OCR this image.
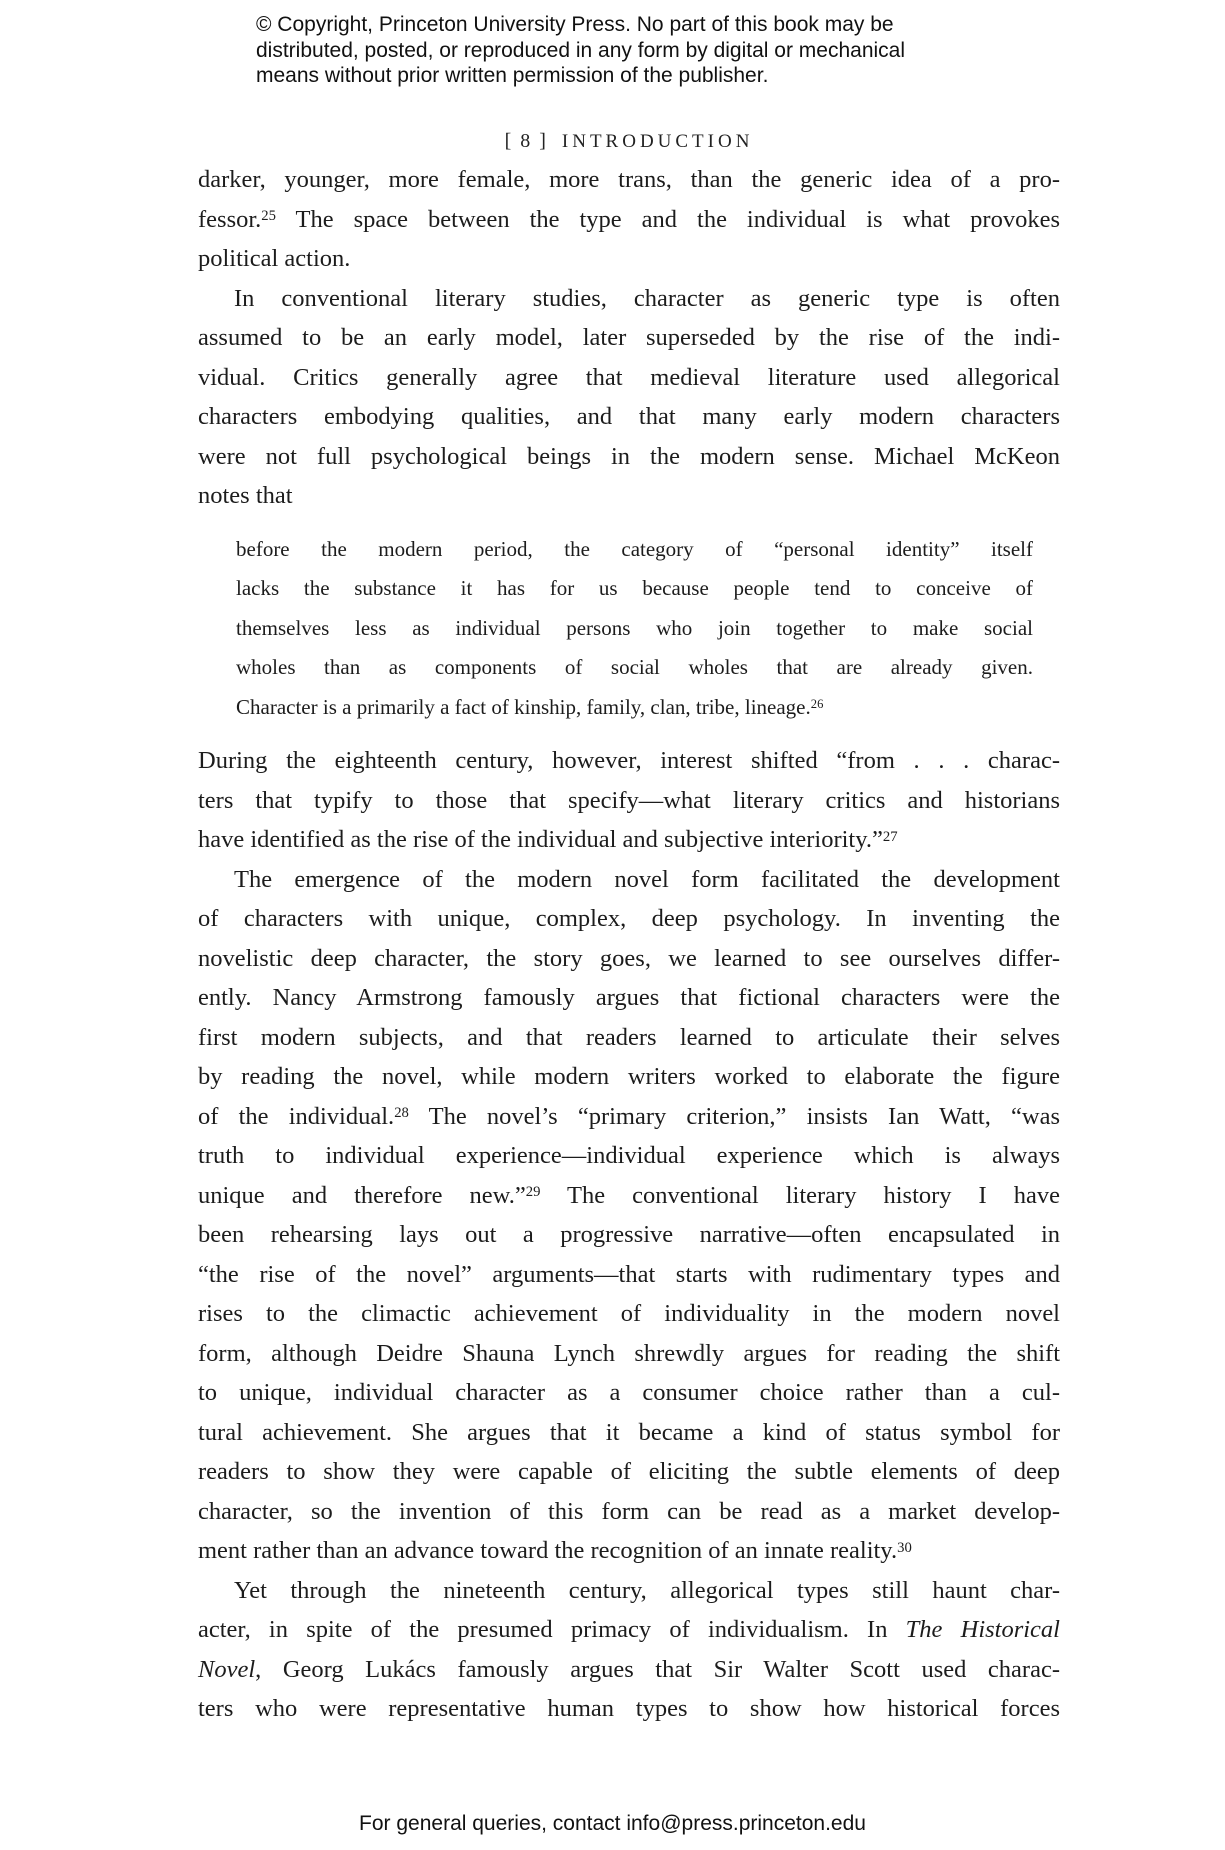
© Copyright, Princeton University Press. No part of this book may be
distributed, posted, or reproduced in any form by digital or mechanical
means without prior written permission of the publisher.
[ 8 ] INTRODUCTION
darker, younger, more female, more trans, than the generic idea of a pro-
fessor.$^{25}$ The space between the type and the individual is what provokes
political action.
In conventional literary studies, character as generic type is often
assumed to be an early model, later superseded by the rise of the indi-
vidual. Critics generally agree that medieval literature used allegorical
characters embodying qualities, and that many early modern characters
were not full psychological beings in the modern sense. Michael McKeon
notes that
before the modern period, the category of “personal identity” itself
lacks the substance it has for us because people tend to conceive of
themselves less as individual persons who join together to make social
wholes than as components of social wholes that are already given.
Character is a primarily a fact of kinship, family, clan, tribe, lineage.$^{26}$
During the eighteenth century, however, interest shifted “from . . . charac-
ters that typify to those that specify—what literary critics and historians
have identified as the rise of the individual and subjective interiority.”$^{27}$
The emergence of the modern novel form facilitated the development
of characters with unique, complex, deep psychology. In inventing the
novelistic deep character, the story goes, we learned to see ourselves differ-
ently. Nancy Armstrong famously argues that fictional characters were the
first modern subjects, and that readers learned to articulate their selves
by reading the novel, while modern writers worked to elaborate the figure
of the individual.$^{28}$ The novel’s “primary criterion,” insists Ian Watt, “was
truth to individual experience—individual experience which is always
unique and therefore new.”$^{29}$ The conventional literary history I have
been rehearsing lays out a progressive narrative—often encapsulated in
“the rise of the novel” arguments—that starts with rudimentary types and
rises to the climactic achievement of individuality in the modern novel
form, although Deidre Shauna Lynch shrewdly argues for reading the shift
to unique, individual character as a consumer choice rather than a cul-
tural achievement. She argues that it became a kind of status symbol for
readers to show they were capable of eliciting the subtle elements of deep
character, so the invention of this form can be read as a market develop-
ment rather than an advance toward the recognition of an innate reality.$^{30}$
Yet through the nineteenth century, allegorical types still haunt char-
acter, in spite of the presumed primacy of individualism. In The Historical
Novel, Georg Lukács famously argues that Sir Walter Scott used charac-
ters who were representative human types to show how historical forces
For general queries, contact info@press.princeton.edu
